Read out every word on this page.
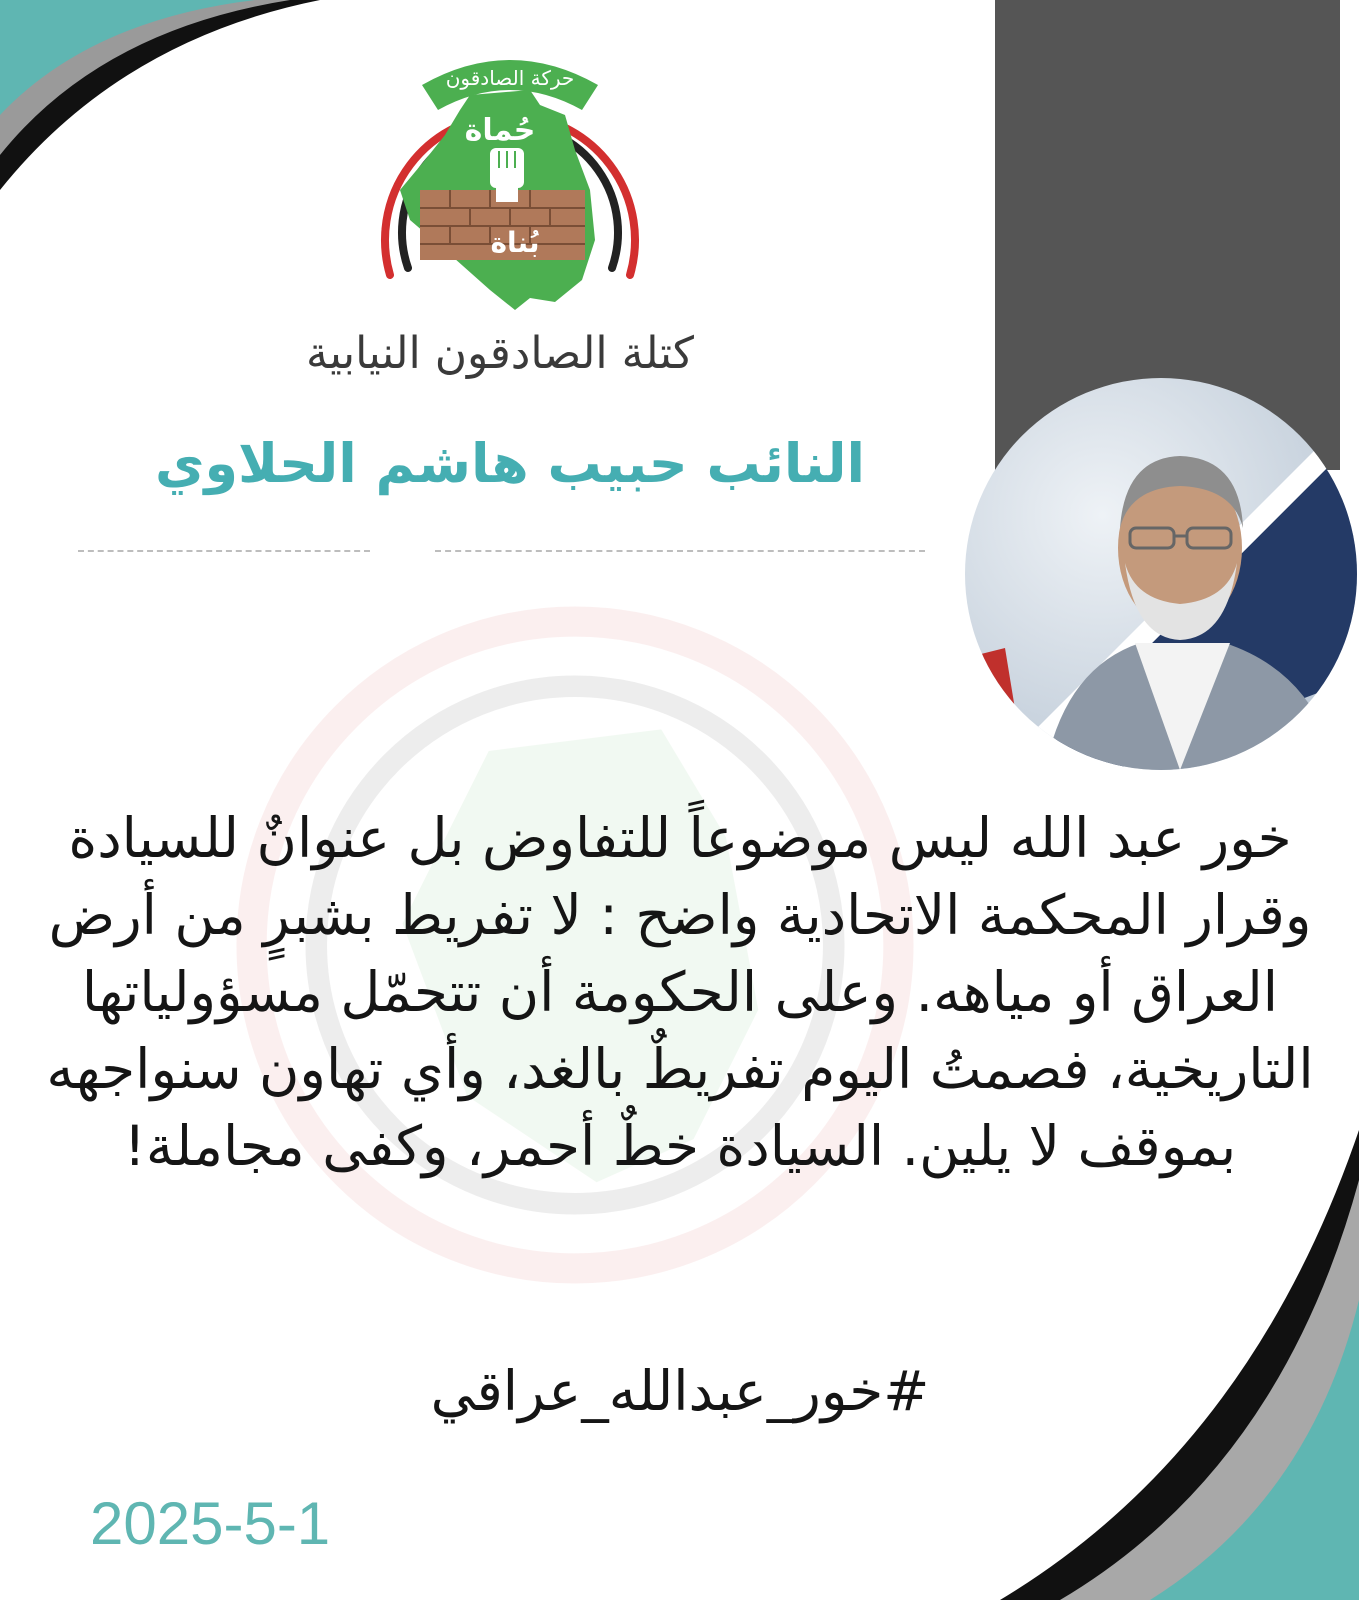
حركة الصادقون
حُماة
بُناة
كتلة الصادقون النيابية
النائب حبيب هاشم الحلاوي
خور عبد الله ليس موضوعاً للتفاوض بل عنوانٌ للسيادة وقرار المحكمة الاتحادية واضح : لا تفريط بشبرٍ من أرض العراق أو مياهه. وعلى الحكومة أن تتحمّل مسؤولياتها التاريخية، فصمتُ اليوم تفريطٌ بالغد، وأي تهاون سنواجهه بموقف لا يلين. السيادة خطٌ أحمر، وكفى مجاملة!
#خور_عبدالله_عراقي
2025-5-1
